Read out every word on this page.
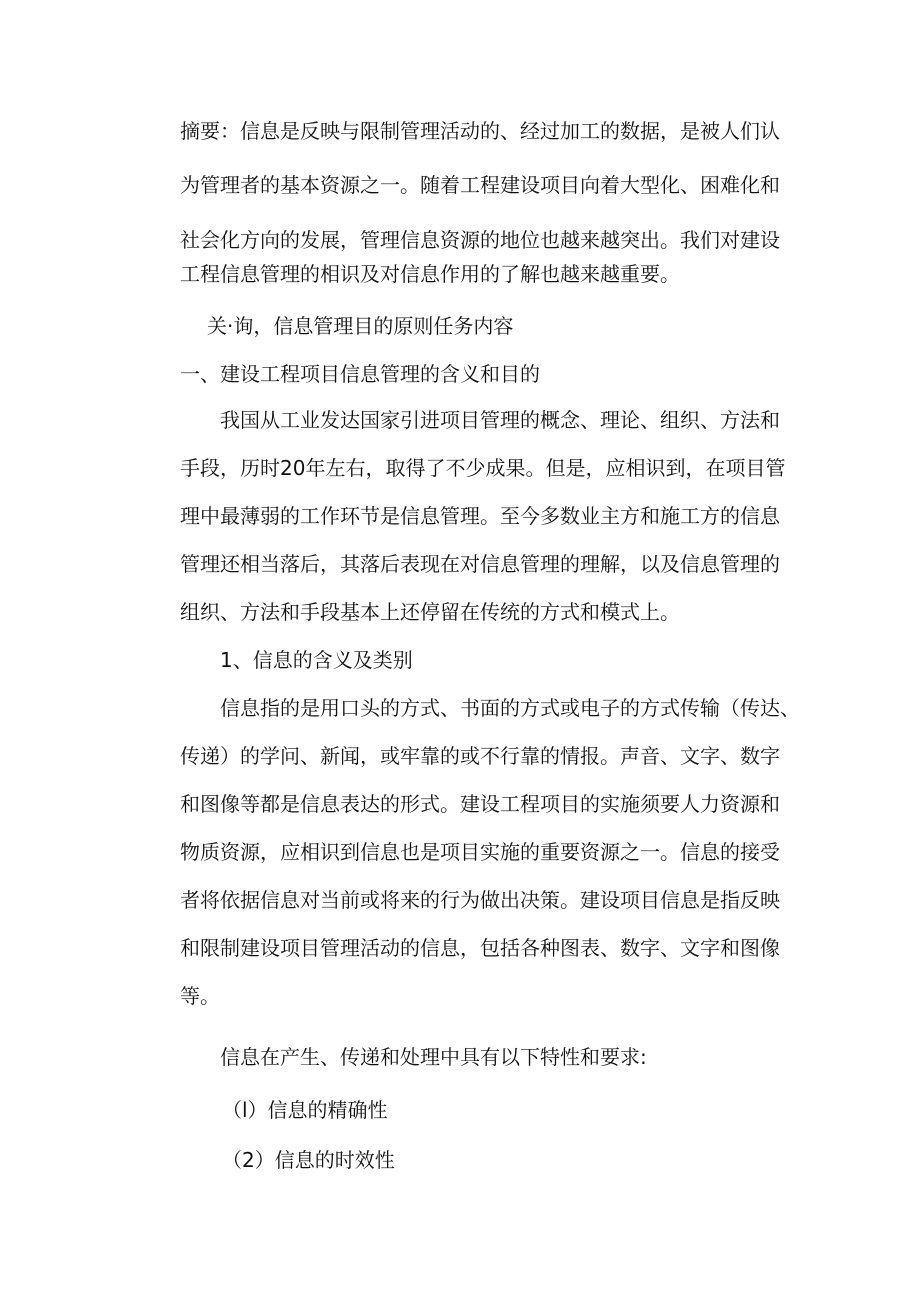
摘要：信息是反映与限制管理活动的、经过加工的数据，是被人们认
为管理者的基本资源之一。随着工程建设项目向着大型化、困难化和
社会化方向的发展，管理信息资源的地位也越来越突出。我们对建设
工程信息管理的相识及对信息作用的了解也越来越重要。
关·询，信息管理目的原则任务内容
一、建设工程项目信息管理的含义和目的
我国从工业发达国家引进项目管理的概念、理论、组织、方法和
手段，历时20年左右，取得了不少成果。但是，应相识到，在项目管
理中最薄弱的工作环节是信息管理。至今多数业主方和施工方的信息
管理还相当落后，其落后表现在对信息管理的理解，以及信息管理的
组织、方法和手段基本上还停留在传统的方式和模式上。
1、信息的含义及类别
信息指的是用口头的方式、书面的方式或电子的方式传输（传达、
传递）的学问、新闻，或牢靠的或不行靠的情报。声音、文字、数字
和图像等都是信息表达的形式。建设工程项目的实施须要人力资源和
物质资源，应相识到信息也是项目实施的重要资源之一。信息的接受
者将依据信息对当前或将来的行为做出决策。建设项目信息是指反映
和限制建设项目管理活动的信息，包括各种图表、数字、文字和图像
等。
信息在产生、传递和处理中具有以下特性和要求:
（l）信息的精确性
（2）信息的时效性
